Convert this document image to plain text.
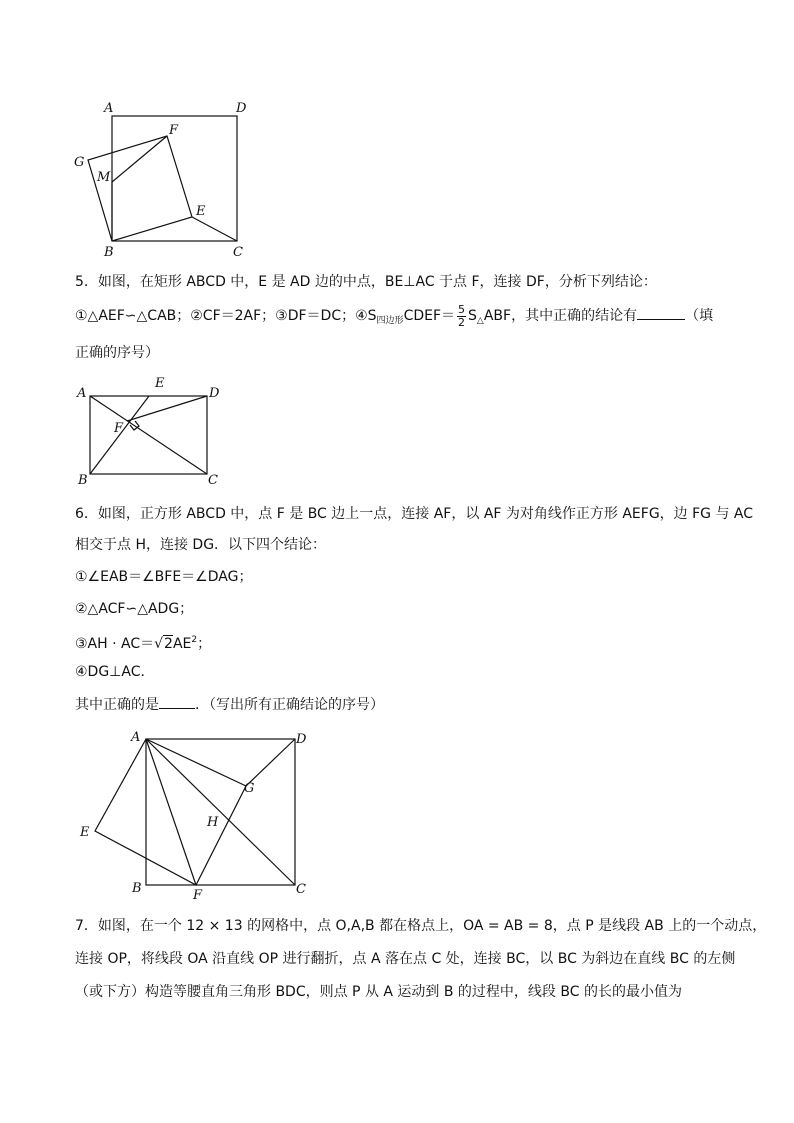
A	D
F
G
M
E
B	C
5．如图，在矩形 ABCD 中，E 是 AD 边的中点，BE⊥AC 于点 F，连接 DF，分析下列结论：
①△AEF∽△CAB；②CF＝2AF；③DF＝DC；$④S_{四边形}CDEF= \frac{5}{2} S_\triangle ABF$，其中正确的结论有	（填
正确的序号）
A
E
D
F
B	C
6．如图，正方形 ABCD 中，点 F 是 BC 边上一点，连接 AF，以 AF 为对角线作正方形 AEFG，边 FG 与 AC
相交于点 H，连接 DG．以下四个结论：
①∠EAB＝∠BFE＝∠DAG；
②△ACF∽△ADG；
③AH · $AC=√2AE^2$；
④DG⊥AC．
其中正确的是	．（写出所有正确结论的序号）
A	D
G
H
E
B	F	C
7．如图，在一个 12 × 13 的网格中，点 O,A,B 都在格点上，OA = AB = 8，点 P 是线段 AB 上的一个动点，
连接 OP，将线段 OA 沿直线 OP 进行翻折，点 A 落在点 C 处，连接 BC，以 BC 为斜边在直线 BC 的左侧
（或下方）构造等腰直角三角形 BDC，则点 P 从 A 运动到 B 的过程中，线段 BC 的长的最小值为
